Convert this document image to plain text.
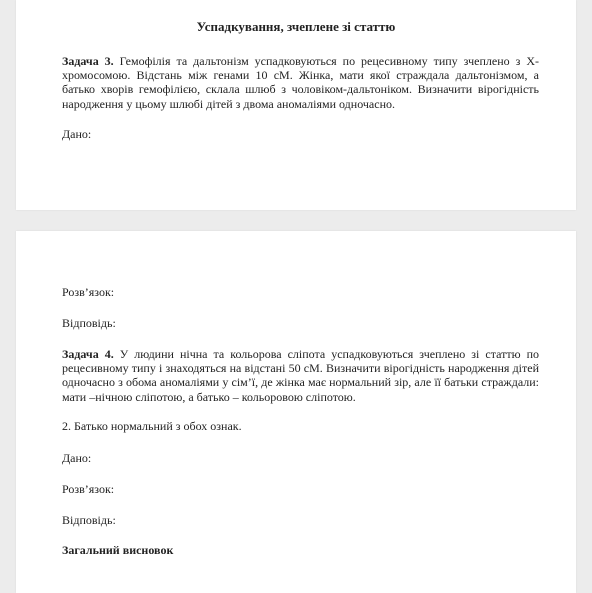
Успадкування, зчеплене зі статтю
Задача 3. Гемофілія та дальтонізм успадковуються по рецесивному типу зчеплено з Х-хромосомою. Відстань між генами 10 сМ. Жінка, мати якої страждала дальтонізмом, а батько хворів гемофілією, склала шлюб з чоловіком-дальтоніком. Визначити вірогідність народження у цьому шлюбі дітей з двома аномаліями одночасно.
Дано:
Розв’язок:
Відповідь:
Задача 4. У людини нічна та кольорова сліпота успадковуються зчеплено зі статтю по рецесивному типу і знаходяться на відстані 50 сМ. Визначити вірогідність народження дітей одночасно з обома аномаліями у сім’ї, де жінка має нормальний зір, але її батьки страждали: мати –нічною сліпотою, а батько – кольоровою сліпотою.
2. Батько нормальний з обох ознак.
Дано:
Розв’язок:
Відповідь:
Загальний висновок
